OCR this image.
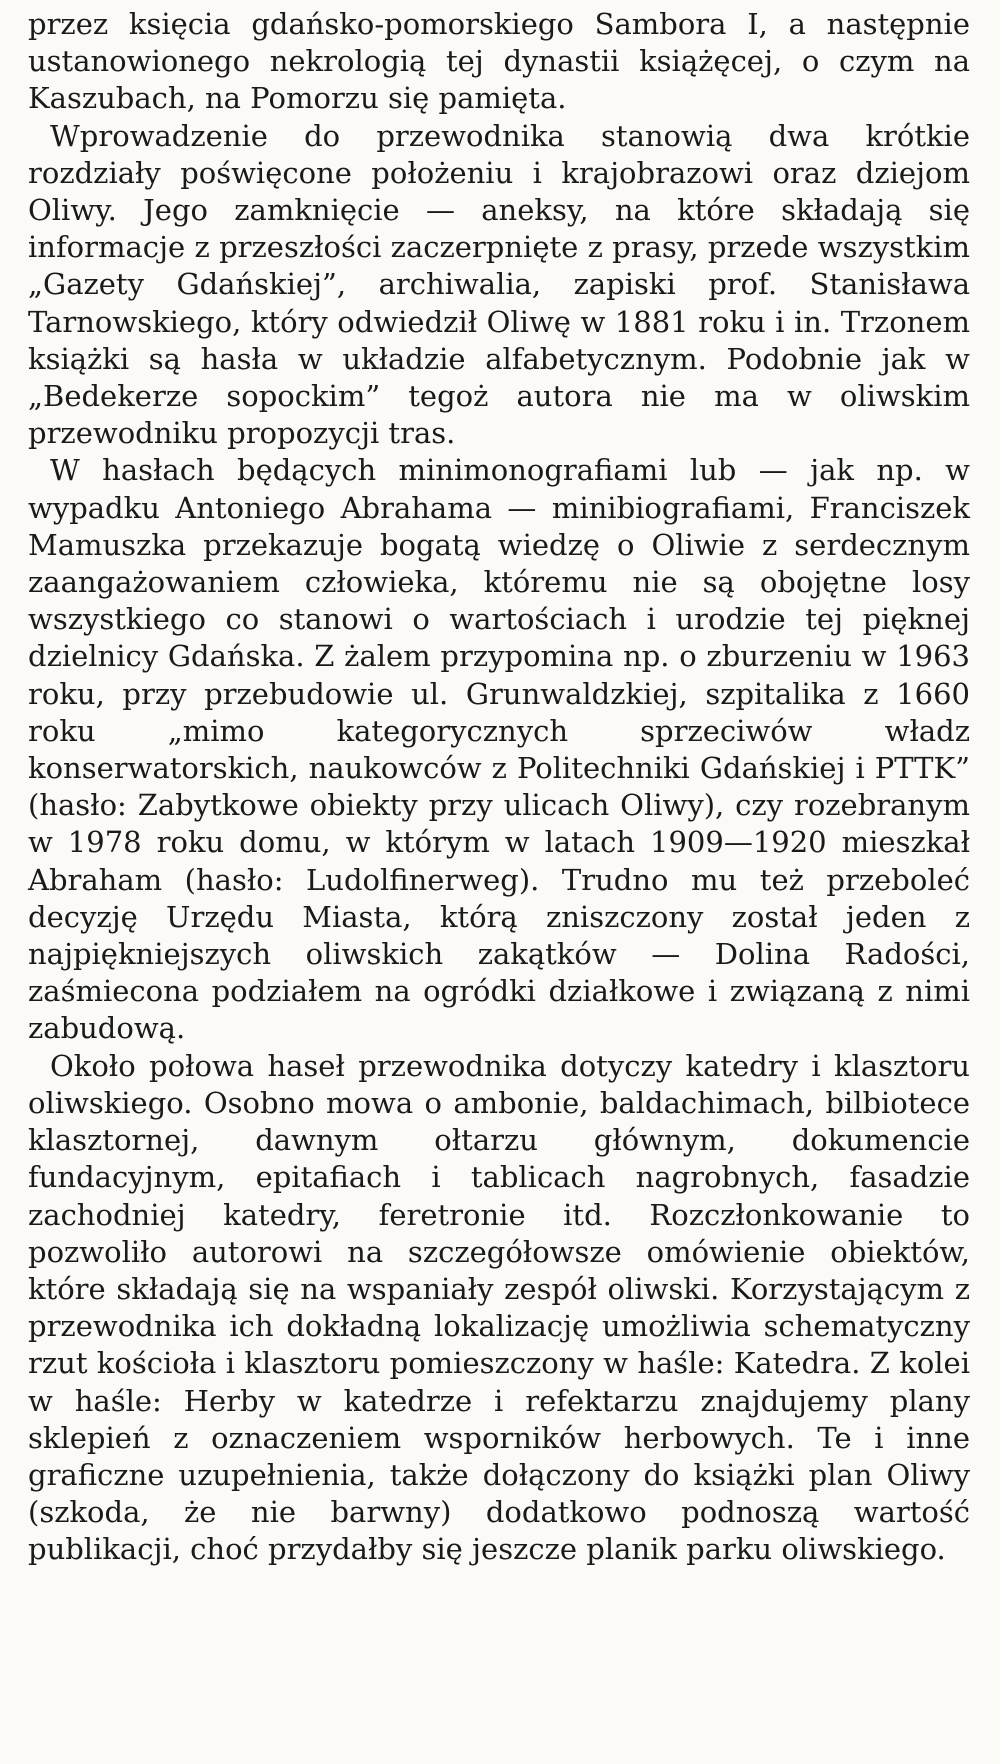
przez księcia gdańsko-pomorskiego Sambora I, a następnie ustanowionego nekrologią tej dynastii książęcej, o czym na Kaszubach, na Pomorzu się pamięta.

Wprowadzenie do przewodnika stanowią dwa krótkie rozdziały poświęcone położeniu i krajobrazowi oraz dziejom Oliwy. Jego zamknięcie — aneksy, na które składają się informacje z przeszłości zaczerpnięte z prasy, przede wszystkim „Gazety Gdańskiej”, archiwalia, zapiski prof. Stanisława Tarnowskiego, który odwiedził Oliwę w 1881 roku i in. Trzonem książki są hasła w układzie alfabetycznym. Podobnie jak w „Bedekerze sopockim” tegoż autora nie ma w oliwskim przewodniku propozycji tras.

W hasłach będących minimonografiami lub — jak np. w wypadku Antoniego Abrahama — minibiografiami, Franciszek Mamuszka przekazuje bogatą wiedzę o Oliwie z serdecznym zaangażowaniem człowieka, któremu nie są obojętne losy wszystkiego co stanowi o wartościach i urodzie tej pięknej dzielnicy Gdańska. Z żalem przypomina np. o zburzeniu w 1963 roku, przy przebudowie ul. Grunwaldzkiej, szpitalika z 1660 roku „mimo kategorycznych sprzeciwów władz konserwatorskich, naukowców z Politechniki Gdańskiej i PTTK” (hasło: Zabytkowe obiekty przy ulicach Oliwy), czy rozebranym w 1978 roku domu, w którym w latach 1909—1920 mieszkał Abraham (hasło: Ludolfinerweg). Trudno mu też przeboleć decyzję Urzędu Miasta, którą zniszczony został jeden z najpiękniejszych oliwskich zakątków — Dolina Radości, zaśmiecona podziałem na ogródki działkowe i związaną z nimi zabudową.

Około połowa haseł przewodnika dotyczy katedry i klasztoru oliwskiego. Osobno mowa o ambonie, baldachimach, bilbiotece klasztornej, dawnym ołtarzu głównym, dokumencie fundacyjnym, epitafiach i tablicach nagrobnych, fasadzie zachodniej katedry, feretronie itd. Rozczłonkowanie to pozwoliło autorowi na szczegółowsze omówienie obiektów, które składają się na wspaniały zespół oliwski. Korzystającym z przewodnika ich dokładną lokalizację umożliwia schematyczny rzut kościoła i klasztoru pomieszczony w haśle: Katedra. Z kolei w haśle: Herby w katedrze i refektarzu znajdujemy plany sklepień z oznaczeniem wsporników herbowych. Te i inne graficzne uzupełnienia, także dołączony do książki plan Oliwy (szkoda, że nie barwny) dodatkowo podnoszą wartość publikacji, choć przydałby się jeszcze planik parku oliwskiego.
